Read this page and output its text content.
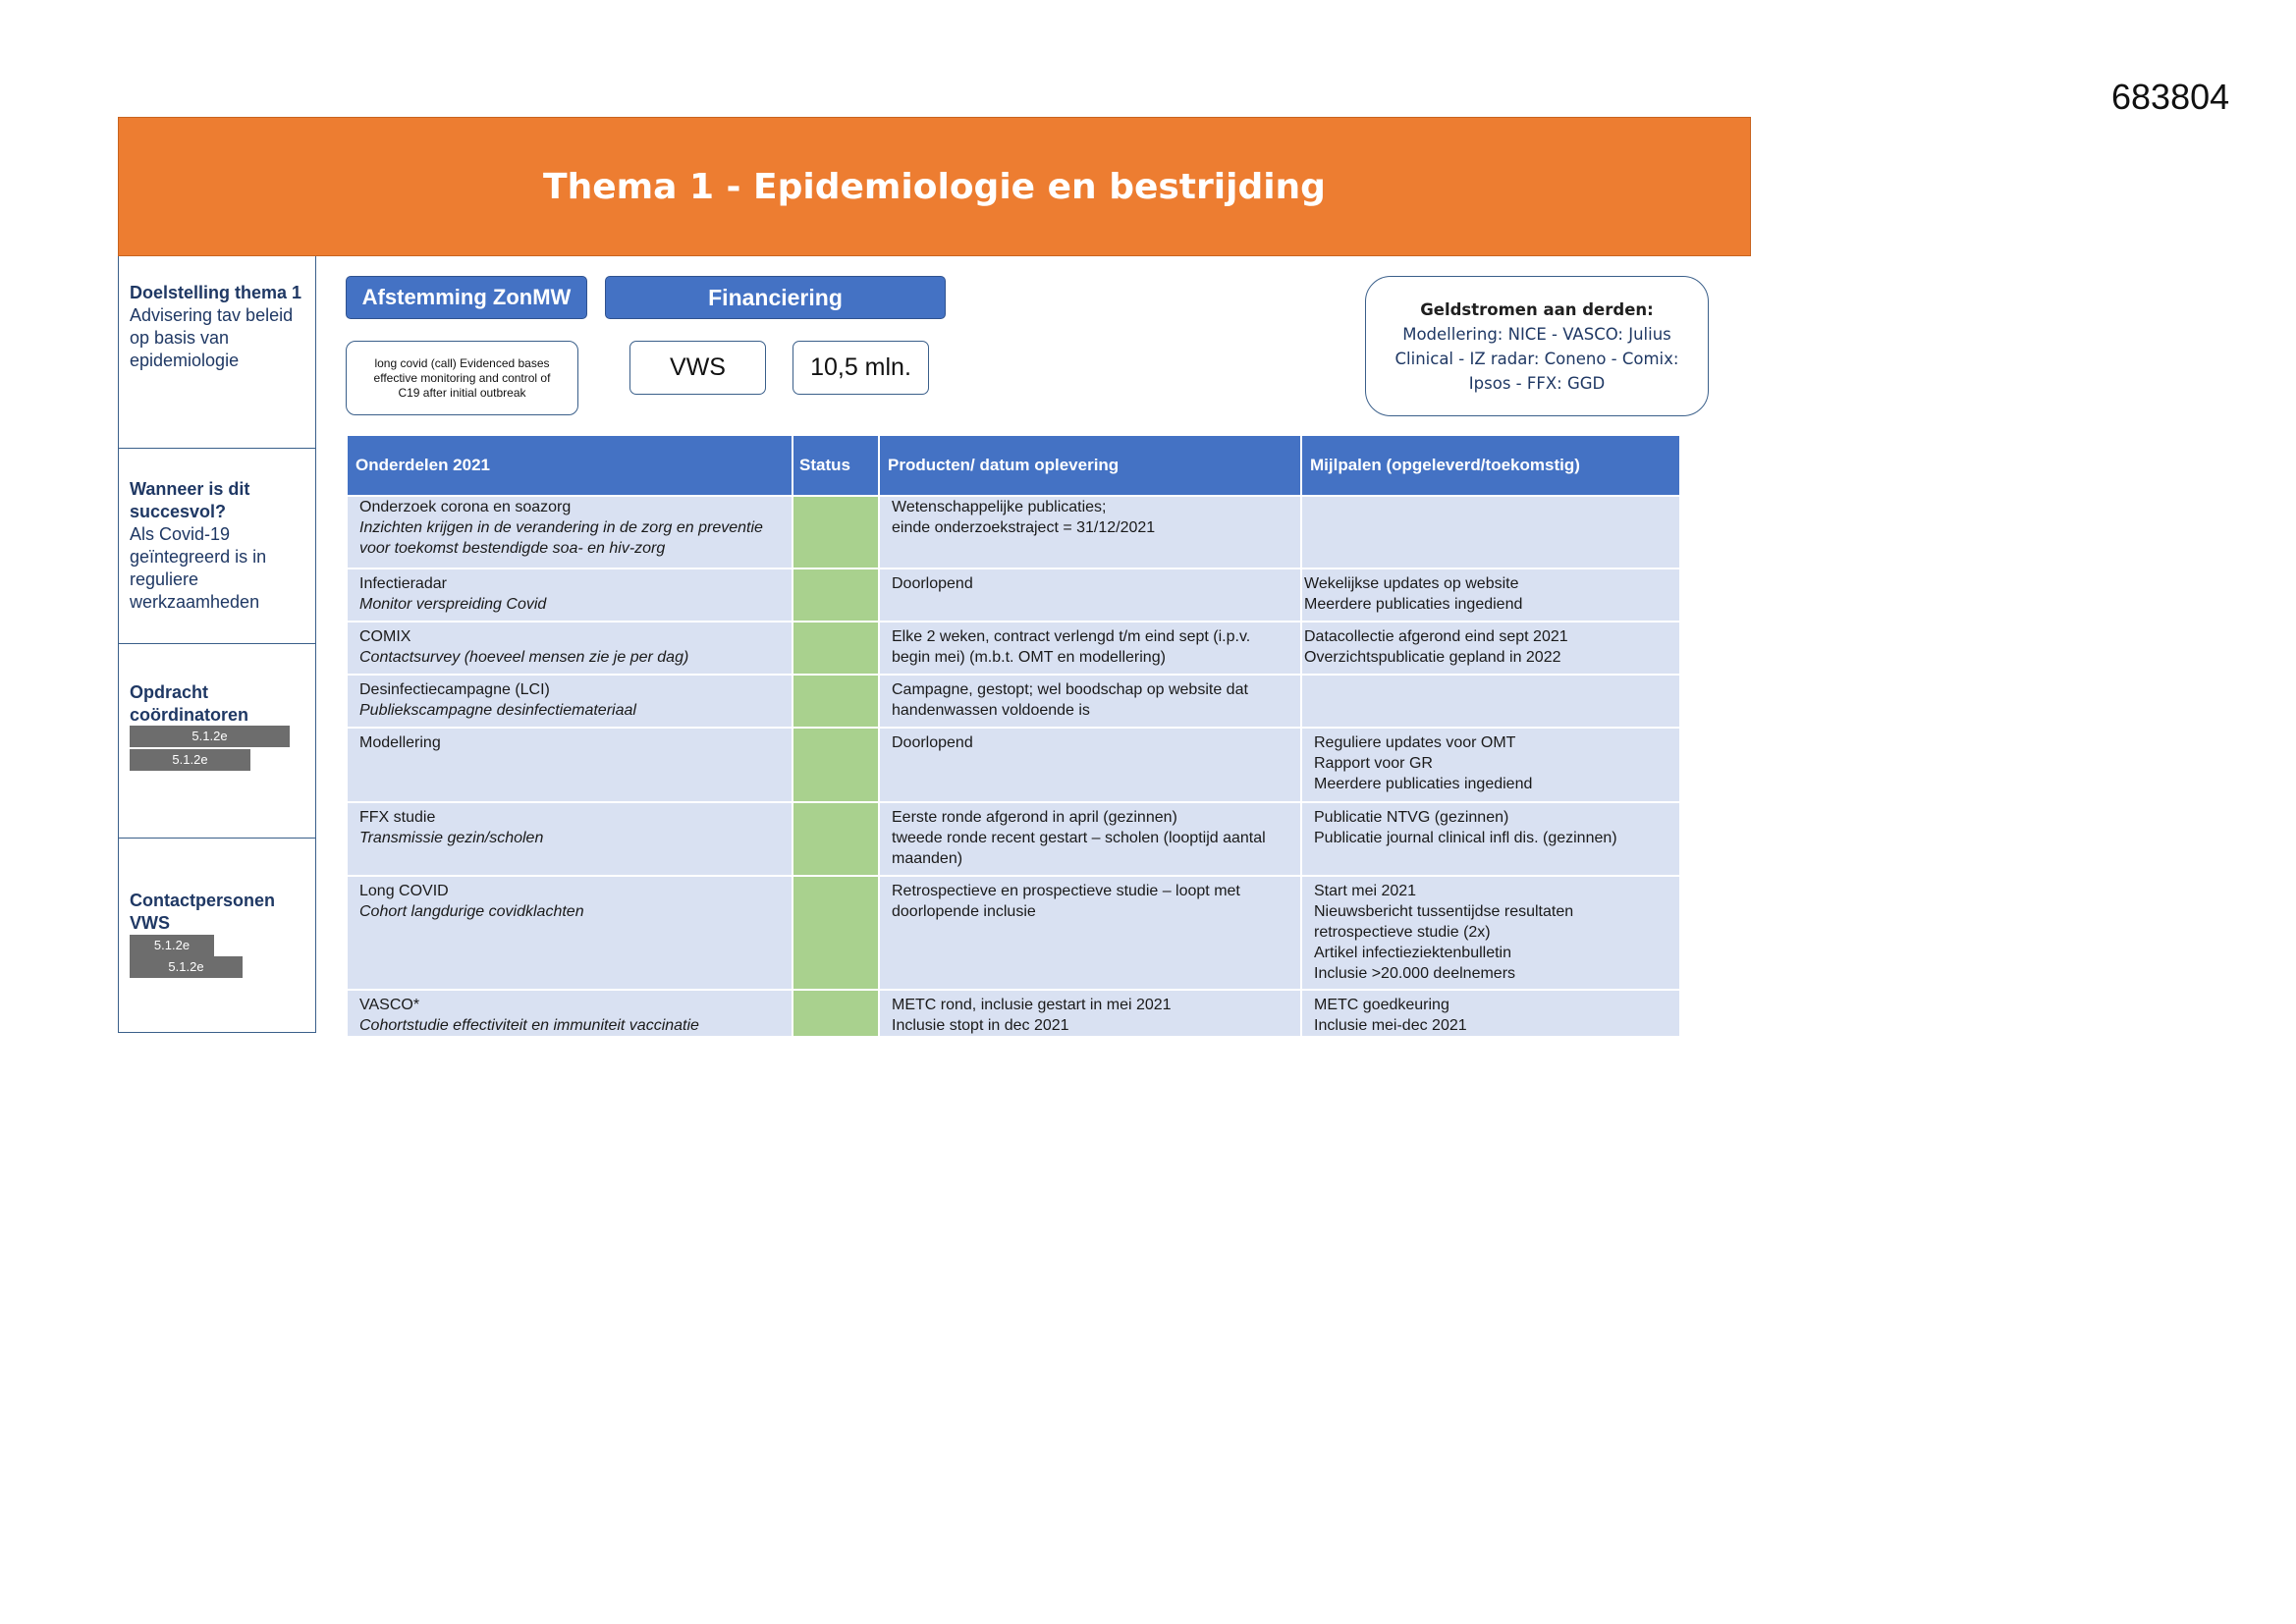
683804
Thema 1 - Epidemiologie en bestrijding
Doelstelling thema 1
Advisering tav beleid op basis van epidemiologie
Wanneer is dit succesvol?
Als Covid-19 geïntegreerd is in reguliere werkzaamheden
Opdracht coördinatoren
5.1.2e
5.1.2e
Contactpersonen VWS
5.1.2e
5.1.2e
Afstemming ZonMW	Financiering
long covid (call) Evidenced bases effective monitoring and control of C19 after initial outbreak
VWS	10,5 mln.
Geldstromen aan derden:
Modellering: NICE - VASCO: Julius Clinical - IZ radar: Coneno - Comix: Ipsos - FFX: GGD
Onderdelen 2021	Status	Producten/ datum oplevering	Mijlpalen (opgeleverd/toekomstig)

Onderzoek corona en soazorg
Inzichten krijgen in de verandering in de zorg en preventie voor toekomst bestendigde soa- en hiv-zorg		Wetenschappelijke publicaties;
einde onderzoekstraject = 31/12/2021	

Infectieradar
Monitor verspreiding Covid		Doorlopend	Wekelijkse updates op website
Meerdere publicaties ingediend

COMIX
Contactsurvey (hoeveel mensen zie je per dag)		Elke 2 weken, contract verlengd t/m eind sept (i.p.v. begin mei) (m.b.t. OMT en modellering)	Datacollectie afgerond eind sept 2021
Overzichtspublicatie gepland in 2022

Desinfectiecampagne (LCI)
Publiekscampagne desinfectiemateriaal		Campagne, gestopt; wel boodschap op website dat handenwassen voldoende is	

Modellering		Doorlopend	Reguliere updates voor OMT
Rapport voor GR
Meerdere publicaties ingediend

FFX studie
Transmissie gezin/scholen		Eerste ronde afgerond in april (gezinnen)
tweede ronde recent gestart – scholen (looptijd aantal maanden)	Publicatie NTVG (gezinnen)
Publicatie journal clinical infl dis. (gezinnen)

Long COVID
Cohort langdurige covidklachten		Retrospectieve en prospectieve studie – loopt met doorlopende inclusie	Start mei 2021
Nieuwsbericht tussentijdse resultaten retrospectieve studie (2x)
Artikel infectieziektenbulletin
Inclusie >20.000 deelnemers

VASCO*
Cohortstudie effectiviteit en immuniteit vaccinatie		METC rond, inclusie gestart in mei 2021
Inclusie stopt in dec 2021	METC goedkeuring
Inclusie mei-dec 2021
